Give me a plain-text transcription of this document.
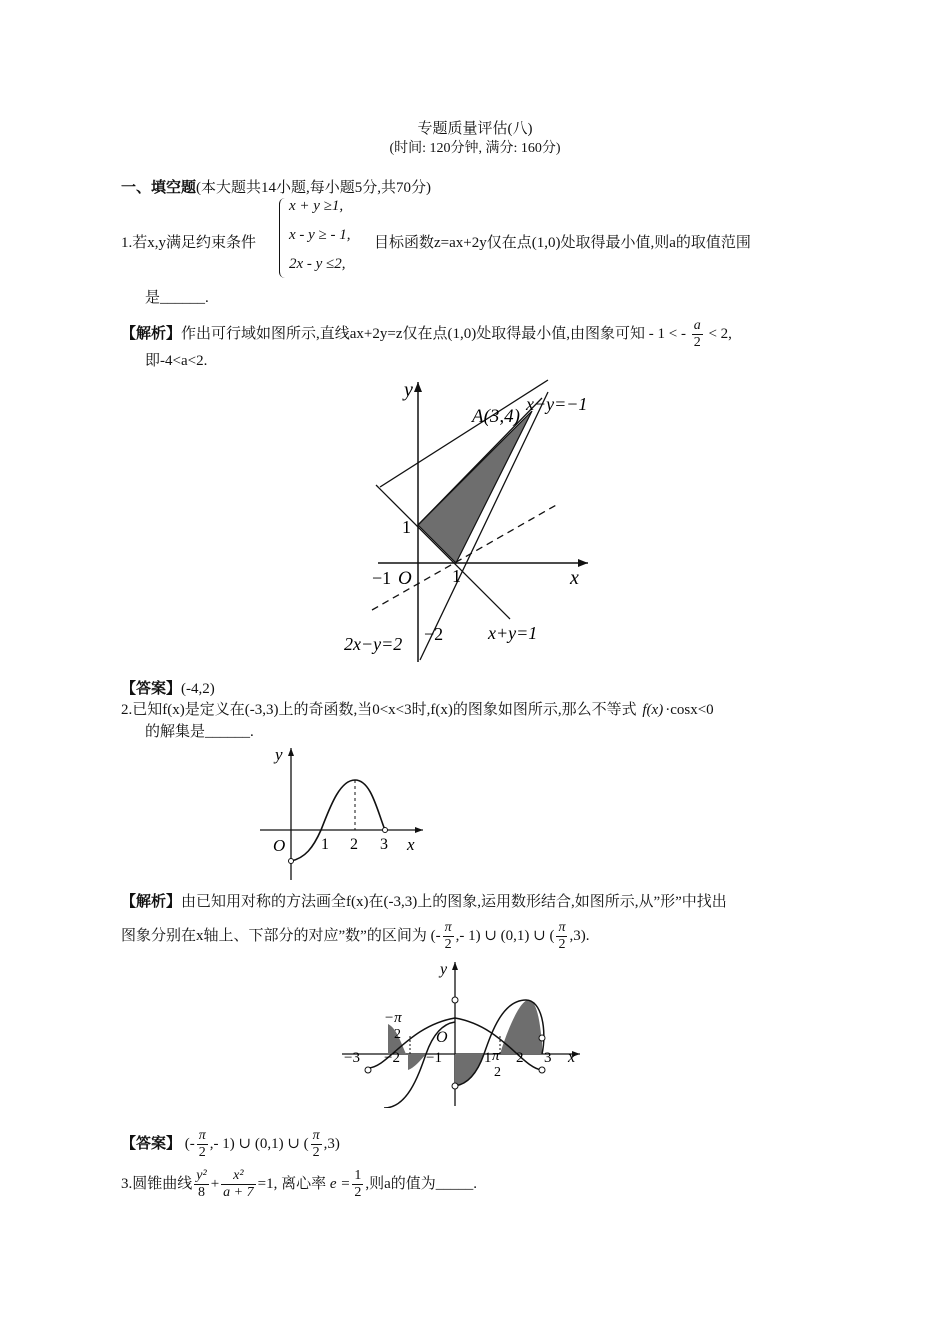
专题质量评估(八)
(时间: 120分钟, 满分: 160分)
一、填空题(本大题共14小题,每小题5分,共70分)
1.若x,y满足约束条件
x + y ≥1,
x - y ≥ - 1,
2x - y ≤2,
目标函数z=ax+2y仅在点(1,0)处取得最小值,则a的取值范围
是______.
【解析】作出可行域如图所示,直线ax+2y=z仅在点(1,0)处取得最小值,由图象可知 - 1 < - $\frac{a}{2} < 2$,
即-4<a<2.
y
x
A(3,4)
x−y=−1
x+y=1
2x−y=2
1
−1 O 1
−2
【答案】(-4,2)
2.已知f(x)是定义在(-3,3)上的奇函数,当0<x<3时,f(x)的图象如图所示,那么不等式 f(x) ·cosx<0
的解集是______.
y
x
O 1 2 3
【解析】由已知用对称的方法画全f(x)在(-3,3)上的图象,运用数形结合,如图所示,从”形”中找出
图象分别在x轴上、下部分的对应”数”的区间为 (- $\frac{\pi}{2}$ ,- 1) ∪ (0,1) ∪ ( $\frac{\pi}{2} ,3$).
y
x
O
−3 −2 −1	1 2 3
−π
2
π
2
【答案】 (- $\frac{\pi}{2}$ ,- 1) ∪ (0,1) ∪ ( $\frac{\pi}{2} ,3$)
3.圆锥曲线 $\frac{\text{y²}}{8} + \frac{\text{x²}}{a + 7} =1$, 离心率 $e = \frac{1}{2}$ ,则a的值为_____.
